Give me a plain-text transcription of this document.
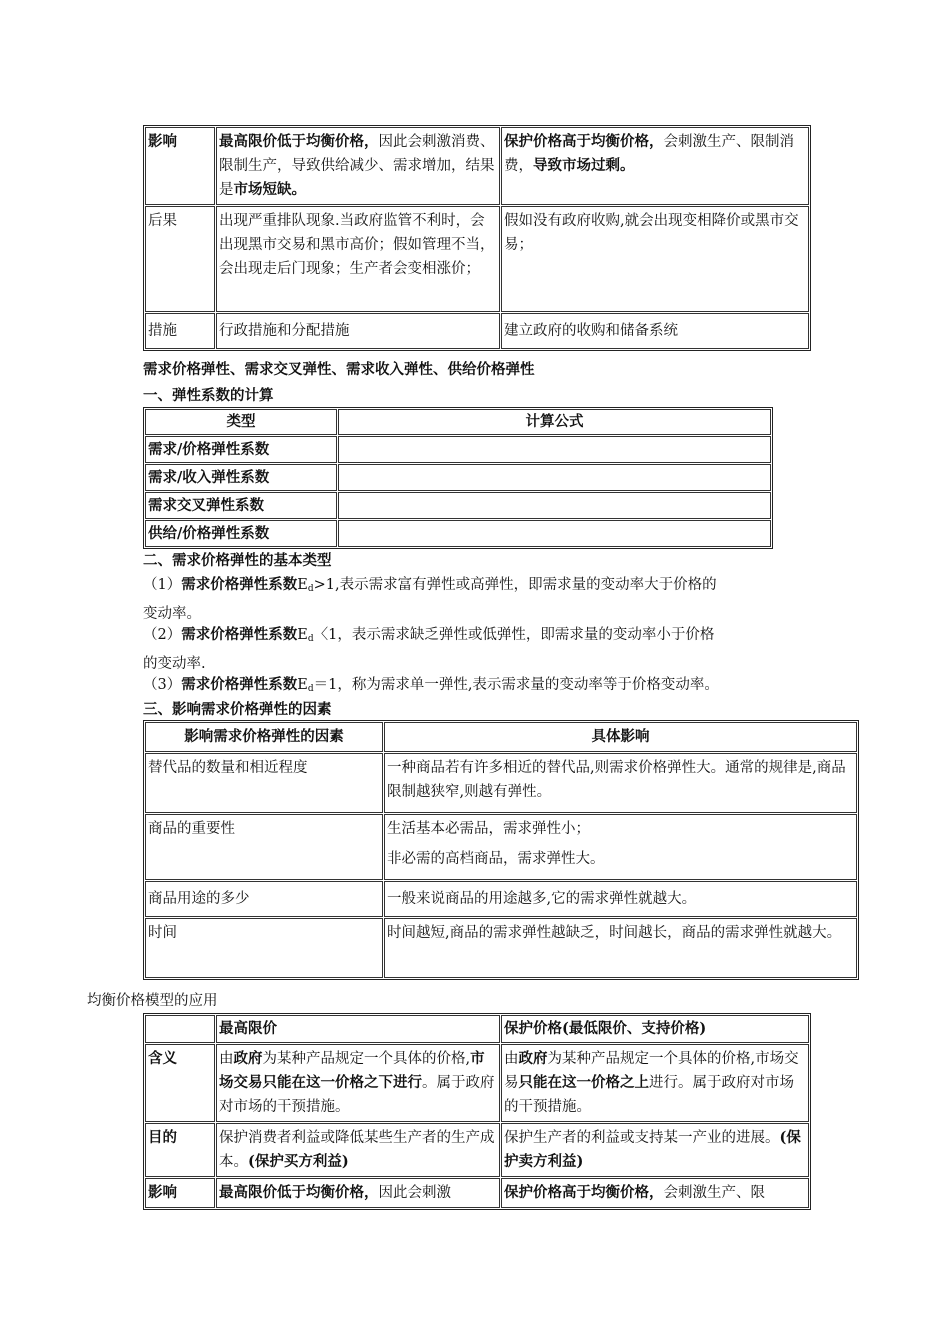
影响	最高限价低于均衡价格，因此会刺激消费、限制生产，导致供给减少、需求增加，结果是市场短缺。	保护价格高于均衡价格，会刺激生产、限制消费，导致市场过剩。
后果	出现严重排队现象.当政府监管不利时，会出现黑市交易和黑市高价；假如管理不当，会出现走后门现象；生产者会变相涨价；	假如没有政府收购,就会出现变相降价或黑市交易；
措施	行政措施和分配措施	建立政府的收购和储备系统
需求价格弹性、需求交叉弹性、需求收入弹性、供给价格弹性
一、弹性系数的计算
类型	计算公式
需求/价格弹性系数	
需求/收入弹性系数	
需求交叉弹性系数	
供给/价格弹性系数	
二、需求价格弹性的基本类型
（1）需求价格弹性系数$E_d>1$,表示需求富有弹性或高弹性，即需求量的变动率大于价格的
变动率。
（2）需求价格弹性系数$E_d$〈1，表示需求缺乏弹性或低弹性，即需求量的变动率小于价格
的变动率.
（3）需求价格弹性系数$E_d=1$，称为需求单一弹性,表示需求量的变动率等于价格变动率。
三、影响需求价格弹性的因素
影响需求价格弹性的因素	具体影响
替代品的数量和相近程度	一种商品若有许多相近的替代品,则需求价格弹性大。通常的规律是,商品限制越狭窄,则越有弹性。
商品的重要性	生活基本必需品，需求弹性小；
非必需的高档商品，需求弹性大。

商品用途的多少	一般来说商品的用途越多,它的需求弹性就越大。
时间	时间越短,商品的需求弹性越缺乏，时间越长，商品的需求弹性就越大。
均衡价格模型的应用
	最高限价	保护价格(最低限价、支持价格)
含义	由政府为某种产品规定一个具体的价格,市场交易只能在这一价格之下进行。属于政府对市场的干预措施。	由政府为某种产品规定一个具体的价格,市场交易只能在这一价格之上进行。属于政府对市场的干预措施。
目的	保护消费者利益或降低某些生产者的生产成本。(保护买方利益)	保护生产者的利益或支持某一产业的进展。(保护卖方利益)
影响	最高限价低于均衡价格，因此会刺激	保护价格高于均衡价格，会刺激生产、限
